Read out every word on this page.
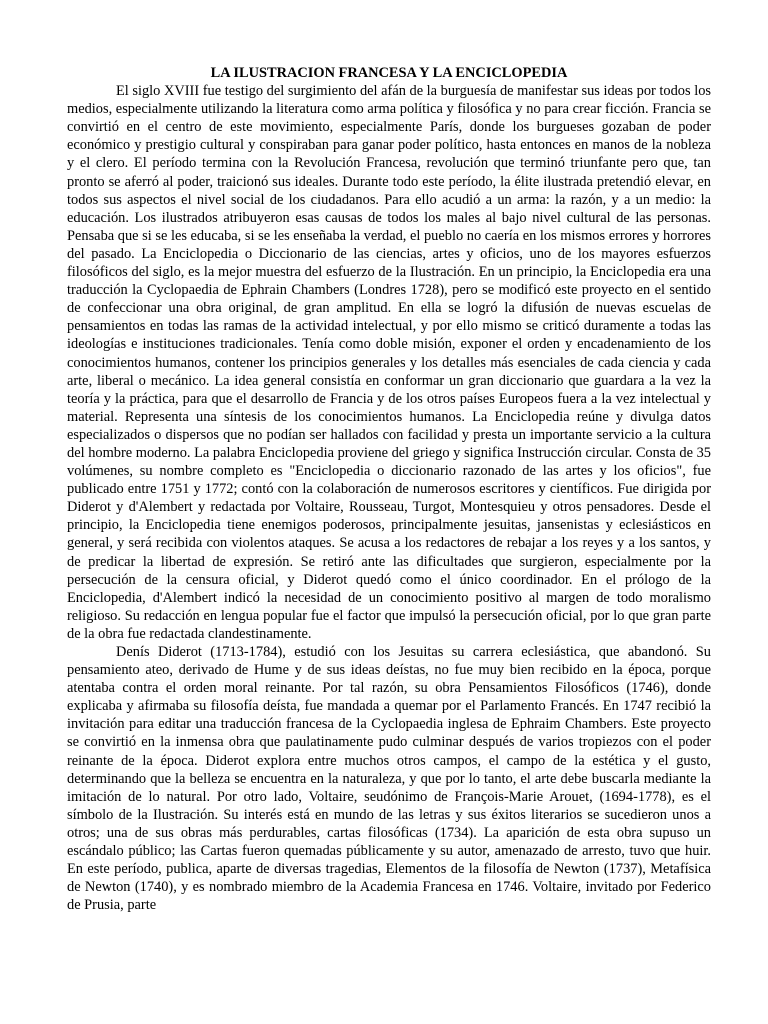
LA ILUSTRACION FRANCESA Y LA ENCICLOPEDIA

El siglo XVIII fue testigo del surgimiento del afán de la burguesía de manifestar sus ideas por todos los medios, especialmente utilizando la literatura como arma política y filosófica y no para crear ficción. Francia se convirtió en el centro de este movimiento, especialmente París, donde los burgueses gozaban de poder económico y prestigio cultural y conspiraban para ganar poder político, hasta entonces en manos de la nobleza y el clero. El período termina con la Revolución Francesa, revolución que terminó triunfante pero que, tan pronto se aferró al poder, traicionó sus ideales. Durante todo este período, la élite ilustrada pretendió elevar, en todos sus aspectos el nivel social de los ciudadanos. Para ello acudió a un arma: la razón, y a un medio: la educación. Los ilustrados atribuyeron esas causas de todos los males al bajo nivel cultural de las personas. Pensaba que si se les educaba, si se les enseñaba la verdad, el pueblo no caería en los mismos errores y horrores del pasado. La Enciclopedia o Diccionario de las ciencias, artes y oficios, uno de los mayores esfuerzos filosóficos del siglo, es la mejor muestra del esfuerzo de la Ilustración. En un principio, la Enciclopedia era una traducción la Cyclopaedia de Ephrain Chambers (Londres 1728), pero se modificó este proyecto en el sentido de confeccionar una obra original, de gran amplitud. En ella se logró la difusión de nuevas escuelas de pensamientos en todas las ramas de la actividad intelectual, y por ello mismo se criticó duramente a todas las ideologías e instituciones tradicionales. Tenía como doble misión, exponer el orden y encadenamiento de los conocimientos humanos, contener los principios generales y los detalles más esenciales de cada ciencia y cada arte, liberal o mecánico. La idea general consistía en conformar un gran diccionario que guardara a la vez la teoría y la práctica, para que el desarrollo de Francia y de los otros países Europeos fuera a la vez intelectual y material. Representa una síntesis de los conocimientos humanos. La Enciclopedia reúne y divulga datos especializados o dispersos que no podían ser hallados con facilidad y presta un importante servicio a la cultura del hombre moderno. La palabra Enciclopedia proviene del griego y significa Instrucción circular. Consta de 35 volúmenes, su nombre completo es "Enciclopedia o diccionario razonado de las artes y los oficios", fue publicado entre 1751 y 1772; contó con la colaboración de numerosos escritores y científicos. Fue dirigida por Diderot y d'Alembert y redactada por Voltaire, Rousseau, Turgot, Montesquieu y otros pensadores. Desde el principio, la Enciclopedia tiene enemigos poderosos, principalmente jesuitas, jansenistas y eclesiásticos en general, y será recibida con violentos ataques. Se acusa a los redactores de rebajar a los reyes y a los santos, y de predicar la libertad de expresión. Se retiró ante las dificultades que surgieron, especialmente por la persecución de la censura oficial, y Diderot quedó como el único coordinador. En el prólogo de la Enciclopedia, d'Alembert indicó la necesidad de un conocimiento positivo al margen de todo moralismo religioso. Su redacción en lengua popular fue el factor que impulsó la persecución oficial, por lo que gran parte de la obra fue redactada clandestinamente.

Denís Diderot (1713-1784), estudió con los Jesuitas su carrera eclesiástica, que abandonó. Su pensamiento ateo, derivado de Hume y de sus ideas deístas, no fue muy bien recibido en la época, porque atentaba contra el orden moral reinante. Por tal razón, su obra Pensamientos Filosóficos (1746), donde explicaba y afirmaba su filosofía deísta, fue mandada a quemar por el Parlamento Francés. En 1747 recibió la invitación para editar una traducción francesa de la Cyclopaedia inglesa de Ephraim Chambers. Este proyecto se convirtió en la inmensa obra que paulatinamente pudo culminar después de varios tropiezos con el poder reinante de la época. Diderot explora entre muchos otros campos, el campo de la estética y el gusto, determinando que la belleza se encuentra en la naturaleza, y que por lo tanto, el arte debe buscarla mediante la imitación de lo natural. Por otro lado, Voltaire, seudónimo de François-Marie Arouet, (1694-1778), es el símbolo de la Ilustración. Su interés está en mundo de las letras y sus éxitos literarios se sucedieron unos a otros; una de sus obras más perdurables, cartas filosóficas (1734). La aparición de esta obra supuso un escándalo público; las Cartas fueron quemadas públicamente y su autor, amenazado de arresto, tuvo que huir. En este período, publica, aparte de diversas tragedias, Elementos de la filosofía de Newton (1737), Metafísica de Newton (1740), y es nombrado miembro de la Academia Francesa en 1746. Voltaire, invitado por Federico de Prusia, parte
